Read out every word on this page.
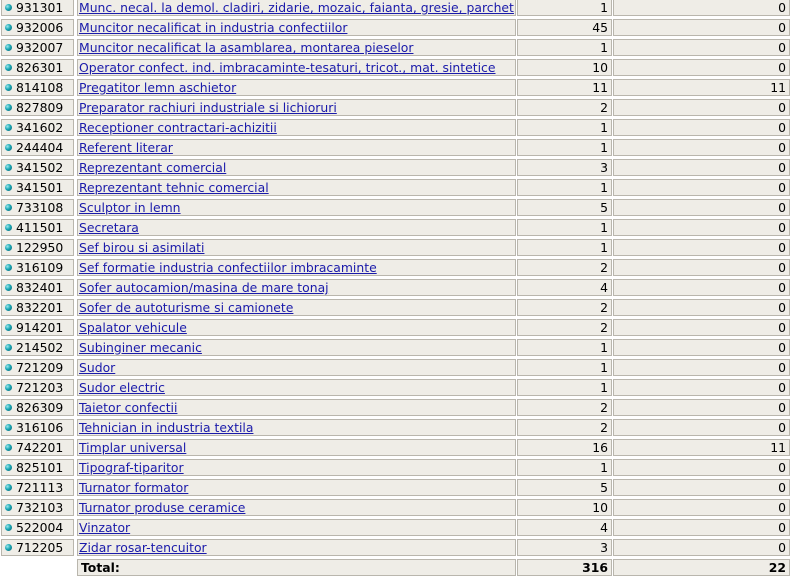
931301 Munc. necal. la demol. cladiri, zidarie, mozaic, faianta, gresie, parchet	1	0
932006 Muncitor necalificat in industria confectiilor	45	0
932007 Muncitor necalificat la asamblarea, montarea pieselor	1	0
826301 Operator confect. ind. imbracaminte-tesaturi, tricot., mat. sintetice	10	0
814108 Pregatitor lemn aschietor	11	11
827809 Preparator rachiuri industriale si lichioruri	2	0
341602 Receptioner contractari-achizitii	1	0
244404 Referent literar	1	0
341502 Reprezentant comercial	3	0
341501 Reprezentant tehnic comercial	1	0
733108 Sculptor in lemn	5	0
411501 Secretara	1	0
122950 Sef birou si asimilati	1	0
316109 Sef formatie industria confectiilor imbracaminte	2	0
832401 Sofer autocamion/masina de mare tonaj	4	0
832201 Sofer de autoturisme si camionete	2	0
914201 Spalator vehicule	2	0
214502 Subinginer mecanic	1	0
721209 Sudor	1	0
721203 Sudor electric	1	0
826309 Taietor confectii	2	0
316106 Tehnician in industria textila	2	0
742201 Timplar universal	16	11
825101 Tipograf-tiparitor	1	0
721113 Turnator formator	5	0
732103 Turnator produse ceramice	10	0
522004 Vinzator	4	0
712205 Zidar rosar-tencuitor	3	0
Total:	316	22
